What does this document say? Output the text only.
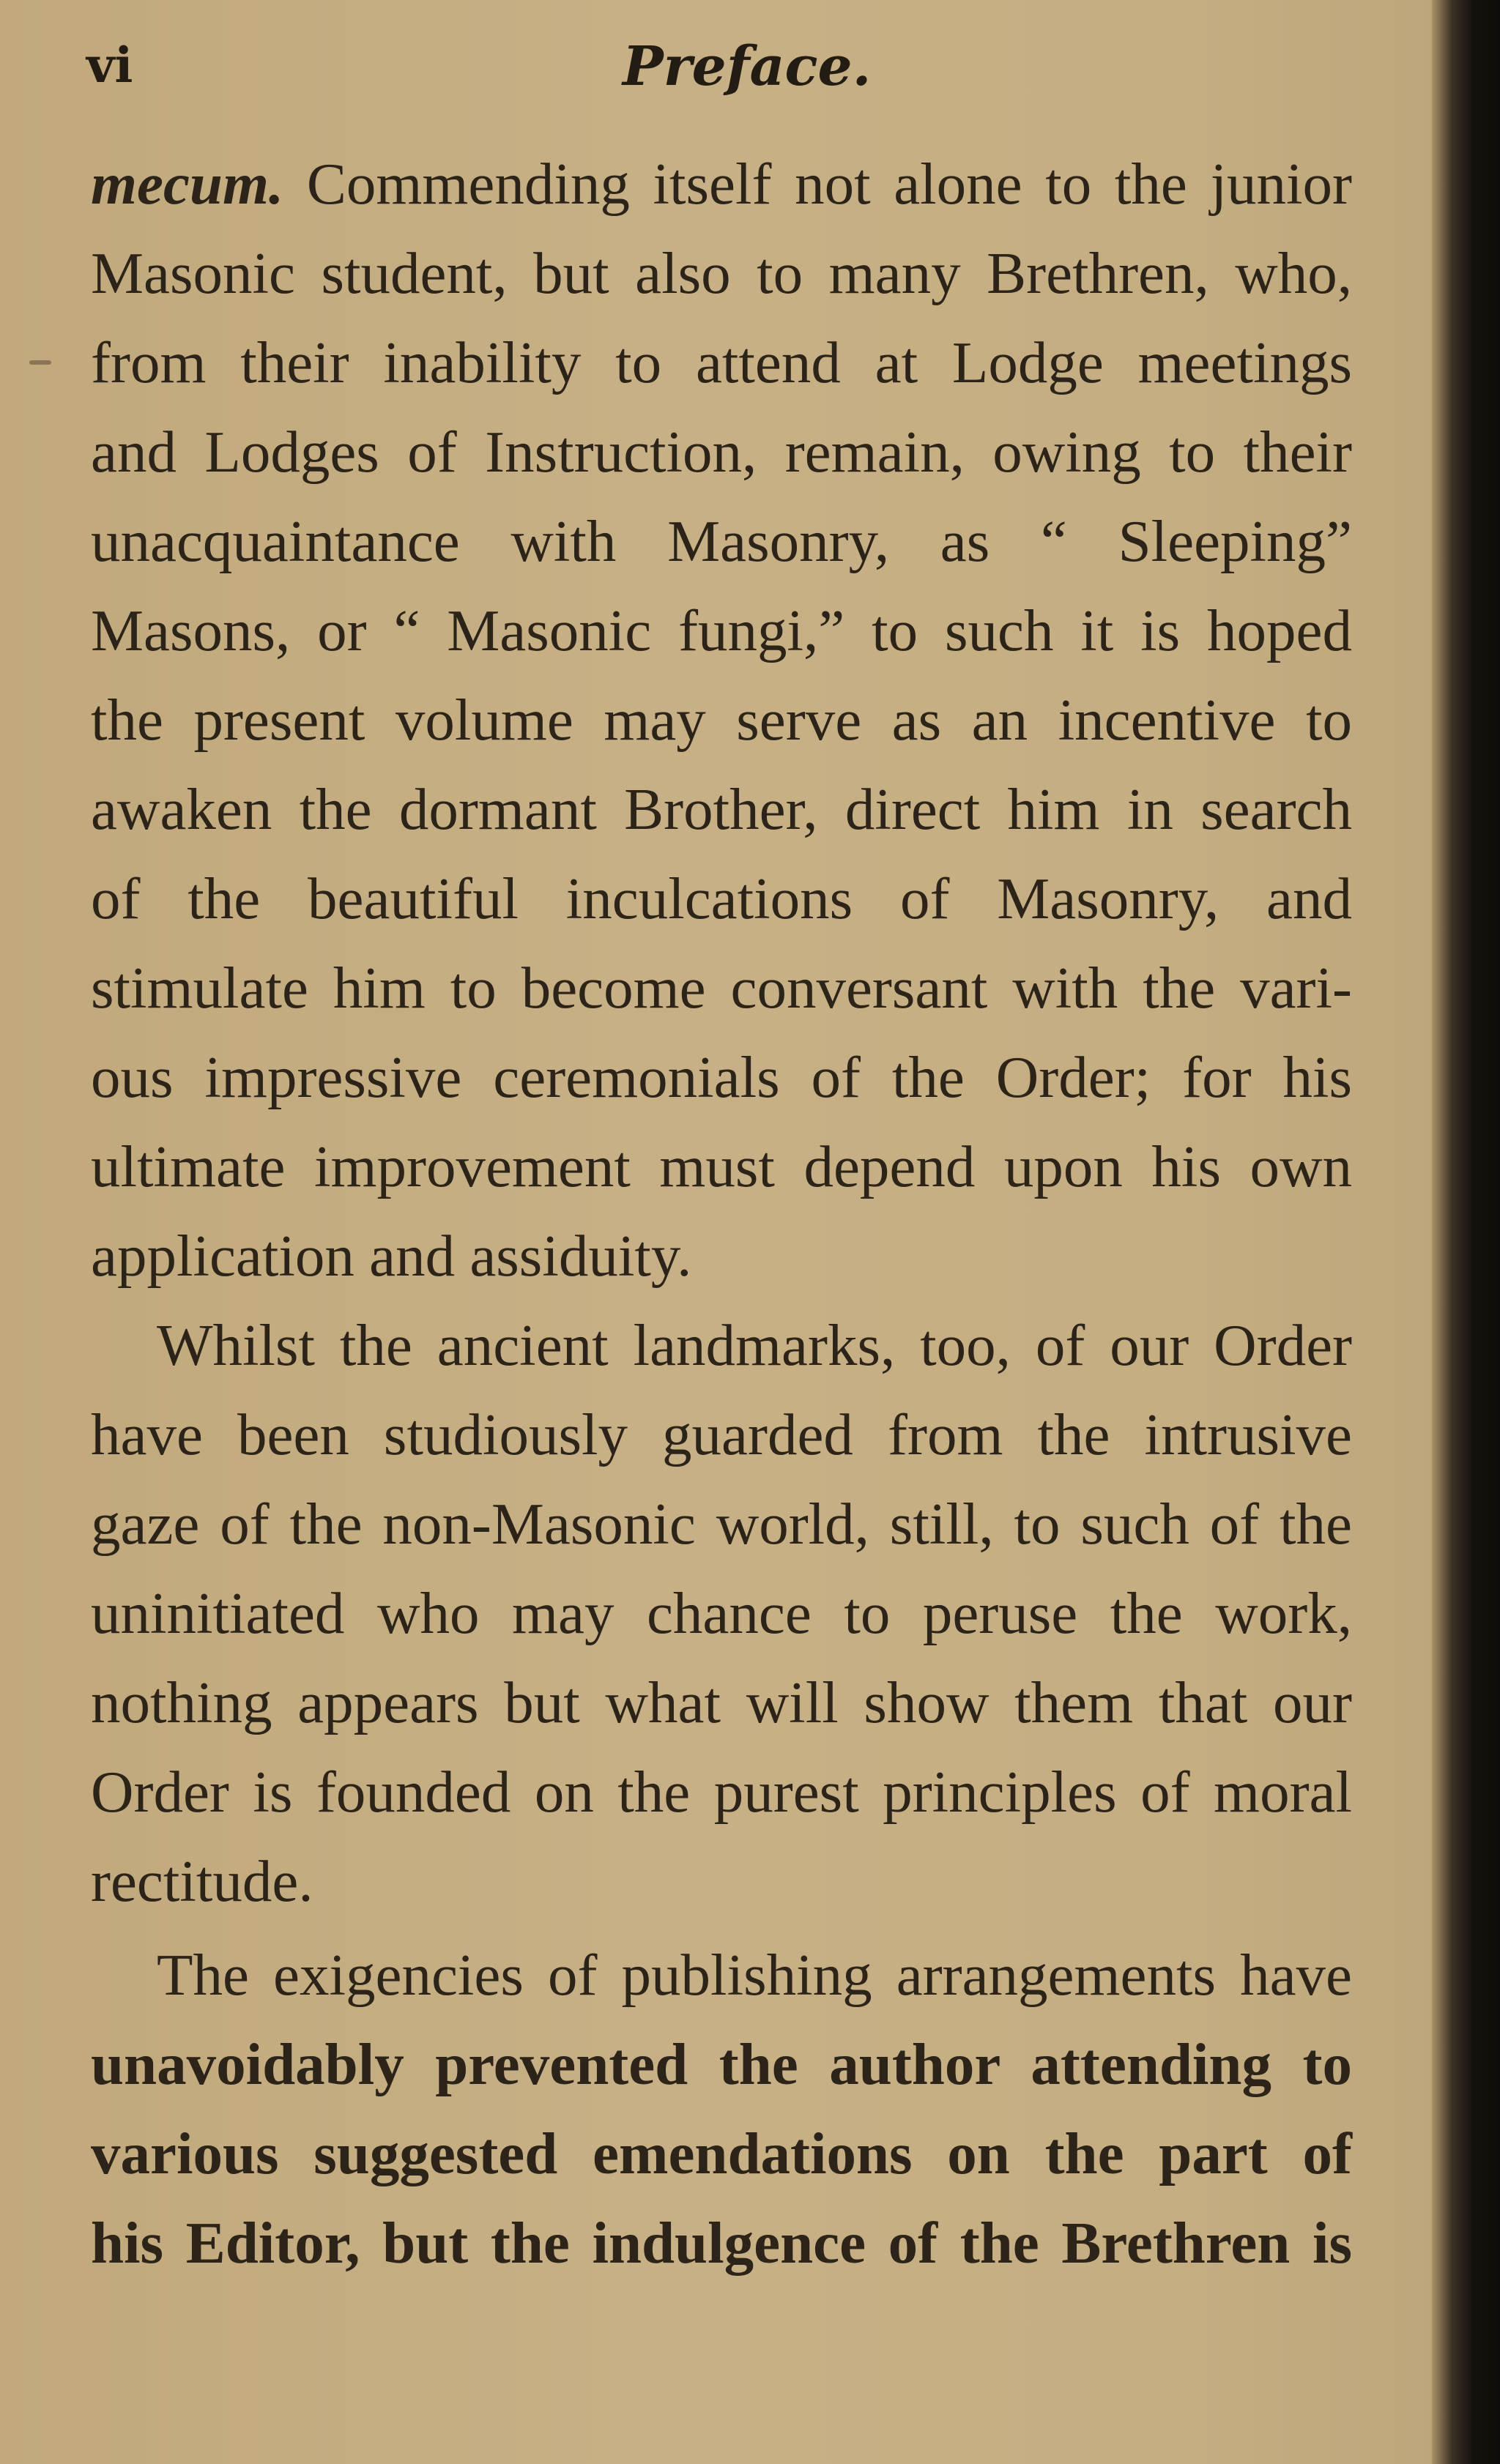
vi	Preface.
mecum. Commending itself not alone to the junior
Masonic student, but also to many Brethren, who,
from their inability to attend at Lodge meetings
and Lodges of Instruction, remain, owing to their
unacquaintance with Masonry, as “ Sleeping”
Masons, or “ Masonic fungi,” to such it is hoped
the present volume may serve as an incentive to
awaken the dormant Brother, direct him in search
of the beautiful inculcations of Masonry, and
stimulate him to become conversant with the vari-
ous impressive ceremonials of the Order; for his
ultimate improvement must depend upon his own
application and assiduity.
Whilst the ancient landmarks, too, of our Order
have been studiously guarded from the intrusive
gaze of the non-Masonic world, still, to such of the
uninitiated who may chance to peruse the work,
nothing appears but what will show them that our
Order is founded on the purest principles of moral
rectitude.
The exigencies of publishing arrangements have
unavoidably prevented the author attending to
various suggested emendations on the part of
his Editor, but the indulgence of the Brethren is
